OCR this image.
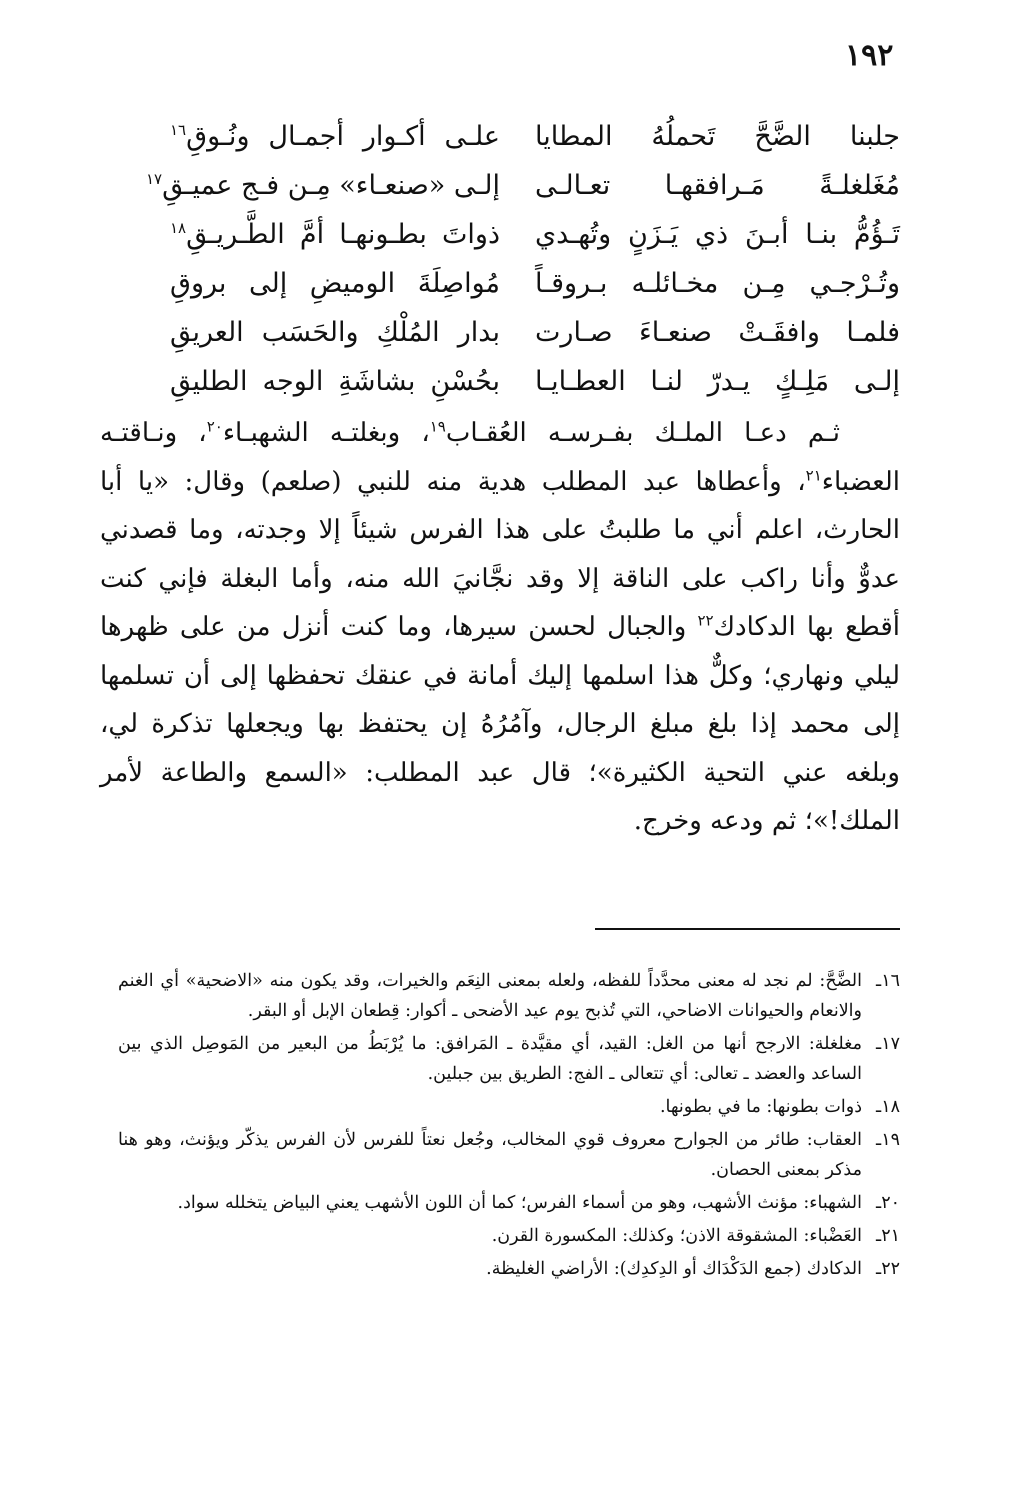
١٩٢
جلبنا الضَّحَّ تَحملُهُ المطايا
علـى أكـوار أجمـال ونُـوقِ$^{١٦}$
مُغَلغلـةً مَـرافقهـا تعـالـى
إلـى «صنعـاء» مِـن فـج عميـقِ$^{١٧}$
تَـؤُمُّ بنـا أبـنَ ذي يَـزَنٍ وتُهـدي
ذواتَ بطـونهـا أمَّ الطَّـريـقِ$^{١٨}$
وتُـرْجـي مِـن مخـائلـه بـروقـاً
مُواصِلَةَ الوميضِ إلى بروقِ
فلمـا وافقَـتْ صنعـاءَ صـارت
بدار المُلْكِ والحَسَب العريقِ
إلـى مَلِـكٍ يـدرّ لنـا العطـايـا
بحُسْنِ بشاشَةِ الوجه الطليقِ

ثـم دعـا الملـك بفـرسـه العُقـاب$^{١٩}$، وبغلتـه الشهبـاء$^{٢٠}$، ونـاقتـه العضباء$^{٢١}$، وأعطاها عبد المطلب هدية منه للنبي (صلعم) وقال: «يا أبا الحارث، اعلم أني ما طلبتُ على هذا الفرس شيئاً إلا وجدته، وما قصدني عدوٌّ وأنا راكب على الناقة إلا وقد نجَّانيَ الله منه، وأما البغلة فإني كنت أقطع بها الدكادك$^{٢٢}$ والجبال لحسن سيرها، وما كنت أنزل من على ظهرها ليلي ونهاري؛ وكلٌّ هذا اسلمها إليك أمانة في عنقك تحفظها إلى أن تسلمها إلى محمد إذا بلغ مبلغ الرجال، وآمُرُهُ إن يحتفظ بها ويجعلها تذكرة لي، وبلغه عني التحية الكثيرة»؛ قال عبد المطلب: «السمع والطاعة لأمر الملك!»؛ ثم ودعه وخرج.

١٦ـ
الضَّحَّ: لم نجد له معنى محدَّداً للفظه، ولعله بمعنى النِعَم والخيرات، وقد يكون منه «الاضحية» أي الغنم والانعام والحيوانات الاضاحي، التي تُذبح يوم عيد الأضحى ـ أكوار: قِطعان الإبل أو البقر.
١٧ـ
مغلغلة: الارجح أنها من الغل: القيد، أي مقيَّدة ـ المَرافق: ما يُرْبَطُ من البعير من المَوصِل الذي بين الساعد والعضد ـ تعالى: أي تتعالى ـ الفج: الطريق بين جبلين.
١٨ـ
ذوات بطونها: ما في بطونها.
١٩ـ
العقاب: طائر من الجوارح معروف قوي المخالب، وجُعل نعتاً للفرس لأن الفرس يذكّر ويؤنث، وهو هنا مذكر بمعنى الحصان.
٢٠ـ
الشهباء: مؤنث الأشهب، وهو من أسماء الفرس؛ كما أن اللون الأشهب يعني البياض يتخلله سواد.
٢١ـ
العَضْباء: المشقوقة الاذن؛ وكذلك: المكسورة القرن.
٢٢ـ
الدكادك (جمع الدَكْدَاك أو الدِكدِك): الأراضي الغليظة.
